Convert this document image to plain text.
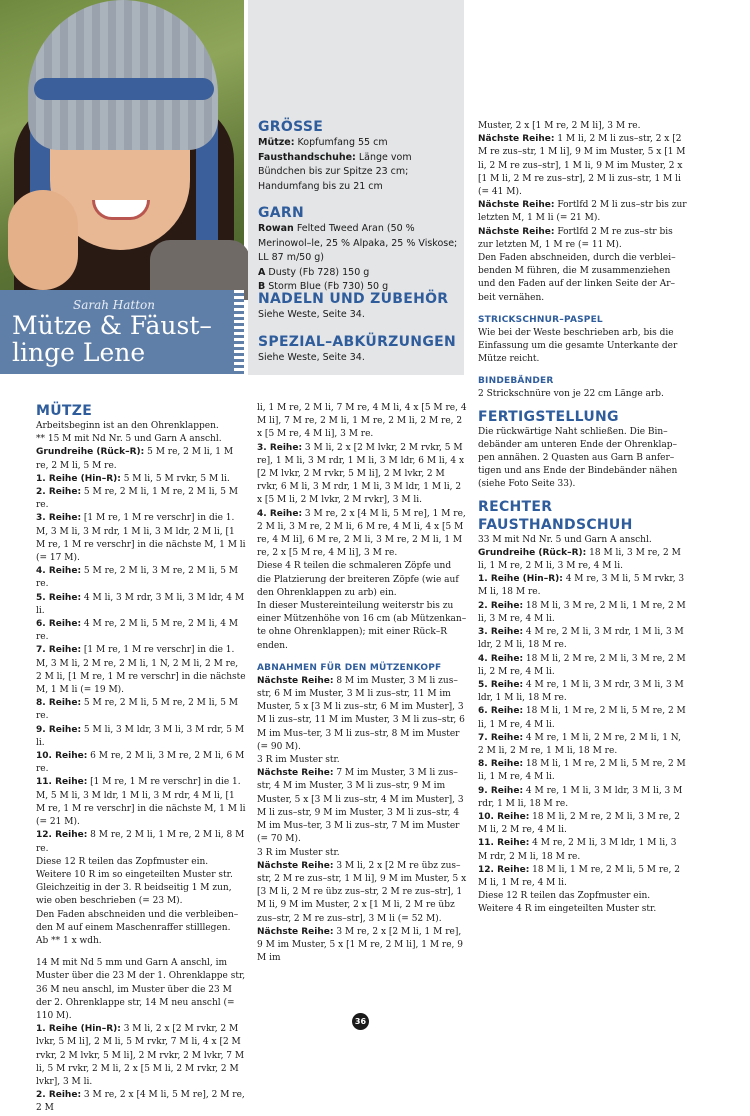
Sarah Hatton
Mütze & Fäust–
linge Lene
GRÖSSE

Mütze: Kopfumfang 55 cm

Fausthandschuhe: Länge vom Bündchen bis zur Spitze 23 cm; Handumfang bis zu 21 cm

GARN

Rowan Felted Tweed Aran (50 % Merinowol–le, 25 % Alpaka, 25 % Viskose; LL 87 m/50 g)

A Dusty (Fb 728) 150 g

B Storm Blue (Fb 730) 50 g

NADELN UND ZUBEHÖR

Siehe Weste, Seite 34.

SPEZIAL–ABKÜRZUNGEN

Siehe Weste, Seite 34.

MÜTZE

Arbeitsbeginn ist an den Ohrenklappen.

** 15 M mit Nd Nr. 5 und Garn A anschl.

Grundreihe (Rück–R): 5 M re, 2 M li, 1 M re, 2 M li, 5 M re.

1. Reihe (Hin–R): 5 M li, 5 M rvkr, 5 M li.

2. Reihe: 5 M re, 2 M li, 1 M re, 2 M li, 5 M re.

3. Reihe: [1 M re, 1 M re verschr] in die 1. M, 3 M li, 3 M rdr, 1 M li, 3 M ldr, 2 M li, [1 M re, 1 M re verschr] in die nächste M, 1 M li (= 17 M).

4. Reihe: 5 M re, 2 M li, 3 M re, 2 M li, 5 M re.

5. Reihe: 4 M li, 3 M rdr, 3 M li, 3 M ldr, 4 M li.

6. Reihe: 4 M re, 2 M li, 5 M re, 2 M li, 4 M re.

7. Reihe: [1 M re, 1 M re verschr] in die 1. M, 3 M li, 2 M re, 2 M li, 1 N, 2 M li, 2 M re, 2 M li, [1 M re, 1 M re verschr] in die nächste M, 1 M li (= 19 M).

8. Reihe: 5 M re, 2 M li, 5 M re, 2 M li, 5 M re.

9. Reihe: 5 M li, 3 M ldr, 3 M li, 3 M rdr, 5 M li.

10. Reihe: 6 M re, 2 M li, 3 M re, 2 M li, 6 M re.

11. Reihe: [1 M re, 1 M re verschr] in die 1. M, 5 M li, 3 M ldr, 1 M li, 3 M rdr, 4 M li, [1 M re, 1 M re verschr] in die nächste M, 1 M li (= 21 M).

12. Reihe: 8 M re, 2 M li, 1 M re, 2 M li, 8 M re.

Diese 12 R teilen das Zopfmuster ein.

Weitere 10 R im so eingeteilten Muster str. Gleichzeitig in der 3. R beidseitig 1 M zun, wie oben beschrieben (= 23 M).

Den Faden abschneiden und die verbleiben–den M auf einem Maschenraffer stilllegen.

Ab ** 1 x wdh.

14 M mit Nd 5 mm und Garn A anschl, im Muster über die 23 M der 1. Ohrenklappe str, 36 M neu anschl, im Muster über die 23 M der 2. Ohrenklappe str, 14 M neu anschl (= 110 M).

1. Reihe (Hin–R): 3 M li, 2 x [2 M rvkr, 2 M lvkr, 5 M li], 2 M li, 5 M rvkr, 7 M li, 4 x [2 M rvkr, 2 M lvkr, 5 M li], 2 M rvkr, 2 M lvkr, 7 M li, 5 M rvkr, 2 M li, 2 x [5 M li, 2 M rvkr, 2 M lvkr], 3 M li.

2. Reihe: 3 M re, 2 x [4 M li, 5 M re], 2 M re, 2 M

li, 1 M re, 2 M li, 7 M re, 4 M li, 4 x [5 M re, 4 M li], 7 M re, 2 M li, 1 M re, 2 M li, 2 M re, 2 x [5 M re, 4 M li], 3 M re.

3. Reihe: 3 M li, 2 x [2 M lvkr, 2 M rvkr, 5 M re], 1 M li, 3 M rdr, 1 M li, 3 M ldr, 6 M li, 4 x [2 M lvkr, 2 M rvkr, 5 M li], 2 M lvkr, 2 M rvkr, 6 M li, 3 M rdr, 1 M li, 3 M ldr, 1 M li, 2 x [5 M li, 2 M lvkr, 2 M rvkr], 3 M li.

4. Reihe: 3 M re, 2 x [4 M li, 5 M re], 1 M re, 2 M li, 3 M re, 2 M li, 6 M re, 4 M li, 4 x [5 M re, 4 M li], 6 M re, 2 M li, 3 M re, 2 M li, 1 M re, 2 x [5 M re, 4 M li], 3 M re.

Diese 4 R teilen die schmaleren Zöpfe und die Platzierung der breiteren Zöpfe (wie auf den Ohrenklappen zu arb) ein.

In dieser Mustereinteilung weiterstr bis zu einer Mützenhöhe von 16 cm (ab Mützenkan–te ohne Ohrenklappen); mit einer Rück–R enden.

ABNAHMEN FÜR DEN MÜTZENKOPF

Nächste Reihe: 8 M im Muster, 3 M li zus–str, 6 M im Muster, 3 M li zus–str, 11 M im Muster, 5 x [3 M li zus–str, 6 M im Muster], 3 M li zus–str, 11 M im Muster, 3 M li zus–str, 6 M im Mus–ter, 3 M li zus–str, 8 M im Muster (= 90 M).

3 R im Muster str.

Nächste Reihe: 7 M im Muster, 3 M li zus–str, 4 M im Muster, 3 M li zus–str, 9 M im Muster, 5 x [3 M li zus–str, 4 M im Muster], 3 M li zus–str, 9 M im Muster, 3 M li zus–str, 4 M im Mus–ter, 3 M li zus–str, 7 M im Muster (= 70 M).

3 R im Muster str.

Nächste Reihe: 3 M li, 2 x [2 M re übz zus–str, 2 M re zus–str, 1 M li], 9 M im Muster, 5 x [3 M li, 2 M re übz zus–str, 2 M re zus–str], 1 M li, 9 M im Muster, 2 x [1 M li, 2 M re übz zus–str, 2 M re zus–str], 3 M li (= 52 M).

Nächste Reihe: 3 M re, 2 x [2 M li, 1 M re], 9 M im Muster, 5 x [1 M re, 2 M li], 1 M re, 9 M im

Muster, 2 x [1 M re, 2 M li], 3 M re.

Nächste Reihe: 1 M li, 2 M li zus–str, 2 x [2 M re zus–str, 1 M li], 9 M im Muster, 5 x [1 M li, 2 M re zus–str], 1 M li, 9 M im Muster, 2 x [1 M li, 2 M re zus–str], 2 M li zus–str, 1 M li (= 41 M).

Nächste Reihe: Fortlfd 2 M li zus–str bis zur letzten M, 1 M li (= 21 M).

Nächste Reihe: Fortlfd 2 M re zus–str bis zur letzten M, 1 M re (= 11 M).

Den Faden abschneiden, durch die verblei–benden M führen, die M zusammenziehen und den Faden auf der linken Seite der Ar–beit vernähen.

STRICKSCHNUR–PASPEL

Wie bei der Weste beschrieben arb, bis die Einfassung um die gesamte Unterkante der Mütze reicht.

BINDEBÄNDER

2 Strickschnüre von je 22 cm Länge arb.

FERTIGSTELLUNG

Die rückwärtige Naht schließen. Die Bin–debänder am unteren Ende der Ohrenklap–pen annähen. 2 Quasten aus Garn B anfer–tigen und ans Ende der Bindebänder nähen (siehe Foto Seite 33).

RECHTER
FAUSTHANDSCHUH

33 M mit Nd Nr. 5 und Garn A anschl.

Grundreihe (Rück–R): 18 M li, 3 M re, 2 M li, 1 M re, 2 M li, 3 M re, 4 M li.

1. Reihe (Hin–R): 4 M re, 3 M li, 5 M rvkr, 3 M li, 18 M re.

2. Reihe: 18 M li, 3 M re, 2 M li, 1 M re, 2 M li, 3 M re, 4 M li.

3. Reihe: 4 M re, 2 M li, 3 M rdr, 1 M li, 3 M ldr, 2 M li, 18 M re.

4. Reihe: 18 M li, 2 M re, 2 M li, 3 M re, 2 M li, 2 M re, 4 M li.

5. Reihe: 4 M re, 1 M li, 3 M rdr, 3 M li, 3 M ldr, 1 M li, 18 M re.

6. Reihe: 18 M li, 1 M re, 2 M li, 5 M re, 2 M li, 1 M re, 4 M li.

7. Reihe: 4 M re, 1 M li, 2 M re, 2 M li, 1 N, 2 M li, 2 M re, 1 M li, 18 M re.

8. Reihe: 18 M li, 1 M re, 2 M li, 5 M re, 2 M li, 1 M re, 4 M li.

9. Reihe: 4 M re, 1 M li, 3 M ldr, 3 M li, 3 M rdr, 1 M li, 18 M re.

10. Reihe: 18 M li, 2 M re, 2 M li, 3 M re, 2 M li, 2 M re, 4 M li.

11. Reihe: 4 M re, 2 M li, 3 M ldr, 1 M li, 3 M rdr, 2 M li, 18 M re.

12. Reihe: 18 M li, 1 M re, 2 M li, 5 M re, 2 M li, 1 M re, 4 M li.

Diese 12 R teilen das Zopfmuster ein.

Weitere 4 R im eingeteilten Muster str.

36
